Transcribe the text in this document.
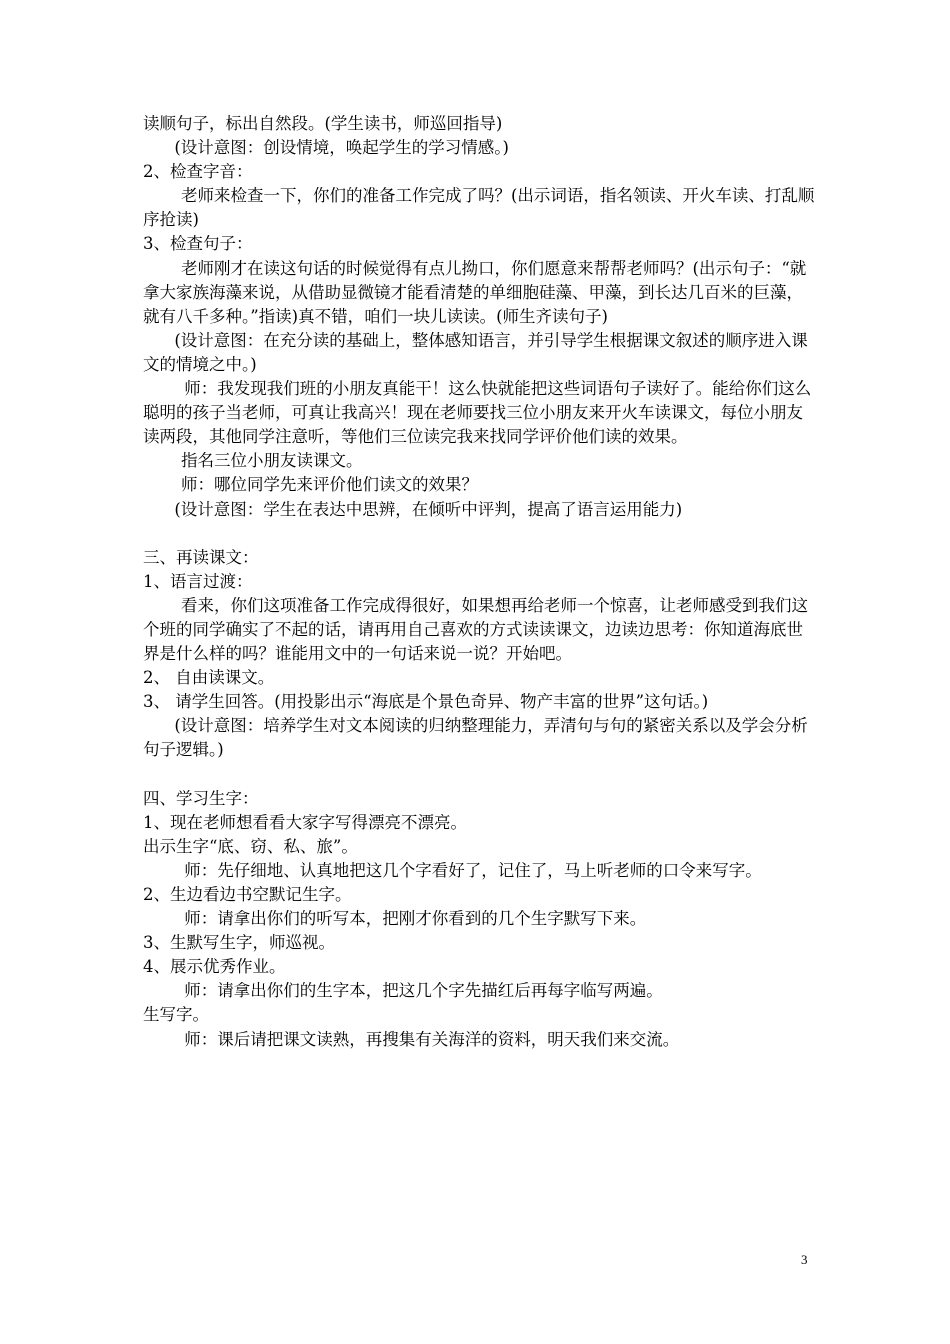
读顺句子，标出自然段。(学生读书，师巡回指导)

(设计意图：创设情境，唤起学生的学习情感。)

2、检查字音：

老师来检查一下，你们的准备工作完成了吗？(出示词语，指名领读、开火车读、打乱顺序抢读)

3、检查句子：

老师刚才在读这句话的时候觉得有点儿拗口，你们愿意来帮帮老师吗？(出示句子：“就拿大家族海藻来说，从借助显微镜才能看清楚的单细胞硅藻、甲藻，到长达几百米的巨藻，就有八千多种。”指读)真不错，咱们一块儿读读。(师生齐读句子)

(设计意图：在充分读的基础上，整体感知语言，并引导学生根据课文叙述的顺序进入课文的情境之中。)

师：我发现我们班的小朋友真能干！这么快就能把这些词语句子读好了。能给你们这么聪明的孩子当老师，可真让我高兴！现在老师要找三位小朋友来开火车读课文，每位小朋友读两段，其他同学注意听，等他们三位读完我来找同学评价他们读的效果。

指名三位小朋友读课文。

师：哪位同学先来评价他们读文的效果？

(设计意图：学生在表达中思辨，在倾听中评判，提高了语言运用能力)

三、再读课文：

1、语言过渡：

看来，你们这项准备工作完成得很好，如果想再给老师一个惊喜，让老师感受到我们这个班的同学确实了不起的话，请再用自己喜欢的方式读读课文，边读边思考：你知道海底世界是什么样的吗？谁能用文中的一句话来说一说？开始吧。

2、 自由读课文。

3、 请学生回答。(用投影出示“海底是个景色奇异、物产丰富的世界”这句话。)

(设计意图：培养学生对文本阅读的归纳整理能力，弄清句与句的紧密关系以及学会分析句子逻辑。)

四、学习生字：

1、现在老师想看看大家字写得漂亮不漂亮。

出示生字“底、窃、私、旅”。

师：先仔细地、认真地把这几个字看好了，记住了，马上听老师的口令来写字。

2、生边看边书空默记生字。

师：请拿出你们的听写本，把刚才你看到的几个生字默写下来。

3、生默写生字，师巡视。

4、展示优秀作业。

师：请拿出你们的生字本，把这几个字先描红后再每字临写两遍。

生写字。

师：课后请把课文读熟，再搜集有关海洋的资料，明天我们来交流。

3
